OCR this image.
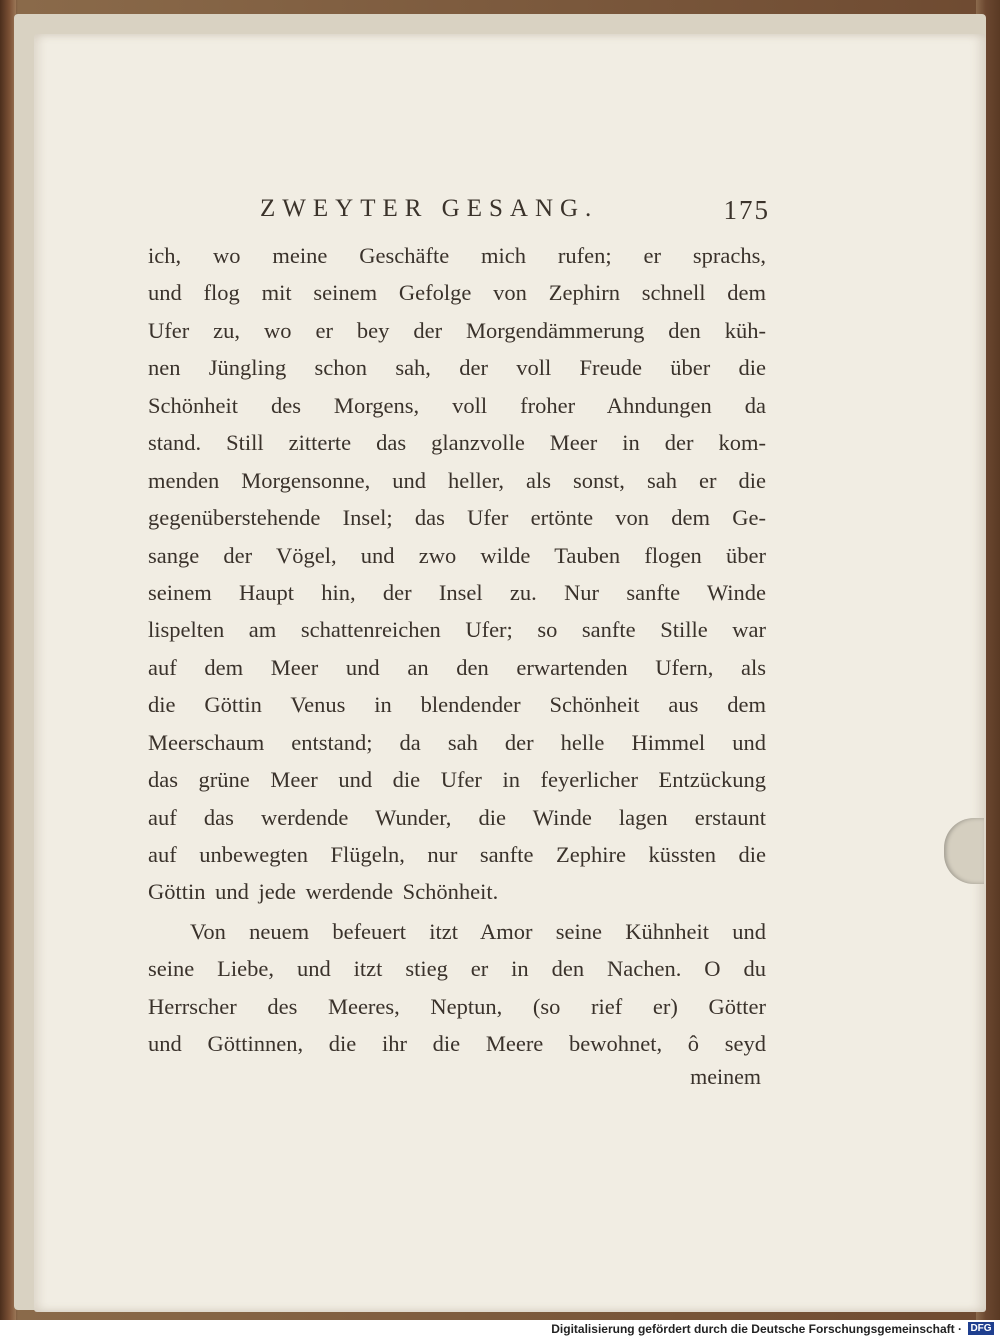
ZWEYTER GESANG.	175
ich, wo meine Geschäfte mich rufen; er sprachs,
und flog mit seinem Gefolge von Zephirn schnell dem
Ufer zu, wo er bey der Morgendämmerung den küh-
nen Jüngling schon sah, der voll Freude über die
Schönheit des Morgens, voll froher Ahndungen da
stand. Still zitterte das glanzvolle Meer in der kom-
menden Morgensonne, und heller, als sonst, sah er die
gegenüberstehende Insel; das Ufer ertönte von dem Ge-
sange der Vögel, und zwo wilde Tauben flogen über
seinem Haupt hin, der Insel zu. Nur sanfte Winde
lispelten am schattenreichen Ufer; so sanfte Stille war
auf dem Meer und an den erwartenden Ufern, als
die Göttin Venus in blendender Schönheit aus dem
Meerschaum entstand; da sah der helle Himmel und
das grüne Meer und die Ufer in feyerlicher Entzückung
auf das werdende Wunder, die Winde lagen erstaunt
auf unbewegten Flügeln, nur sanfte Zephire küssten die
Göttin und jede werdende Schönheit.
Von neuem befeuert itzt Amor seine Kühnheit und
seine Liebe, und itzt stieg er in den Nachen. O du
Herrscher des Meeres, Neptun, (so rief er) Götter
und Göttinnen, die ihr die Meere bewohnet, ô seyd
meinem
Digitalisierung gefördert durch die Deutsche Forschungsgemeinschaft · DFG
